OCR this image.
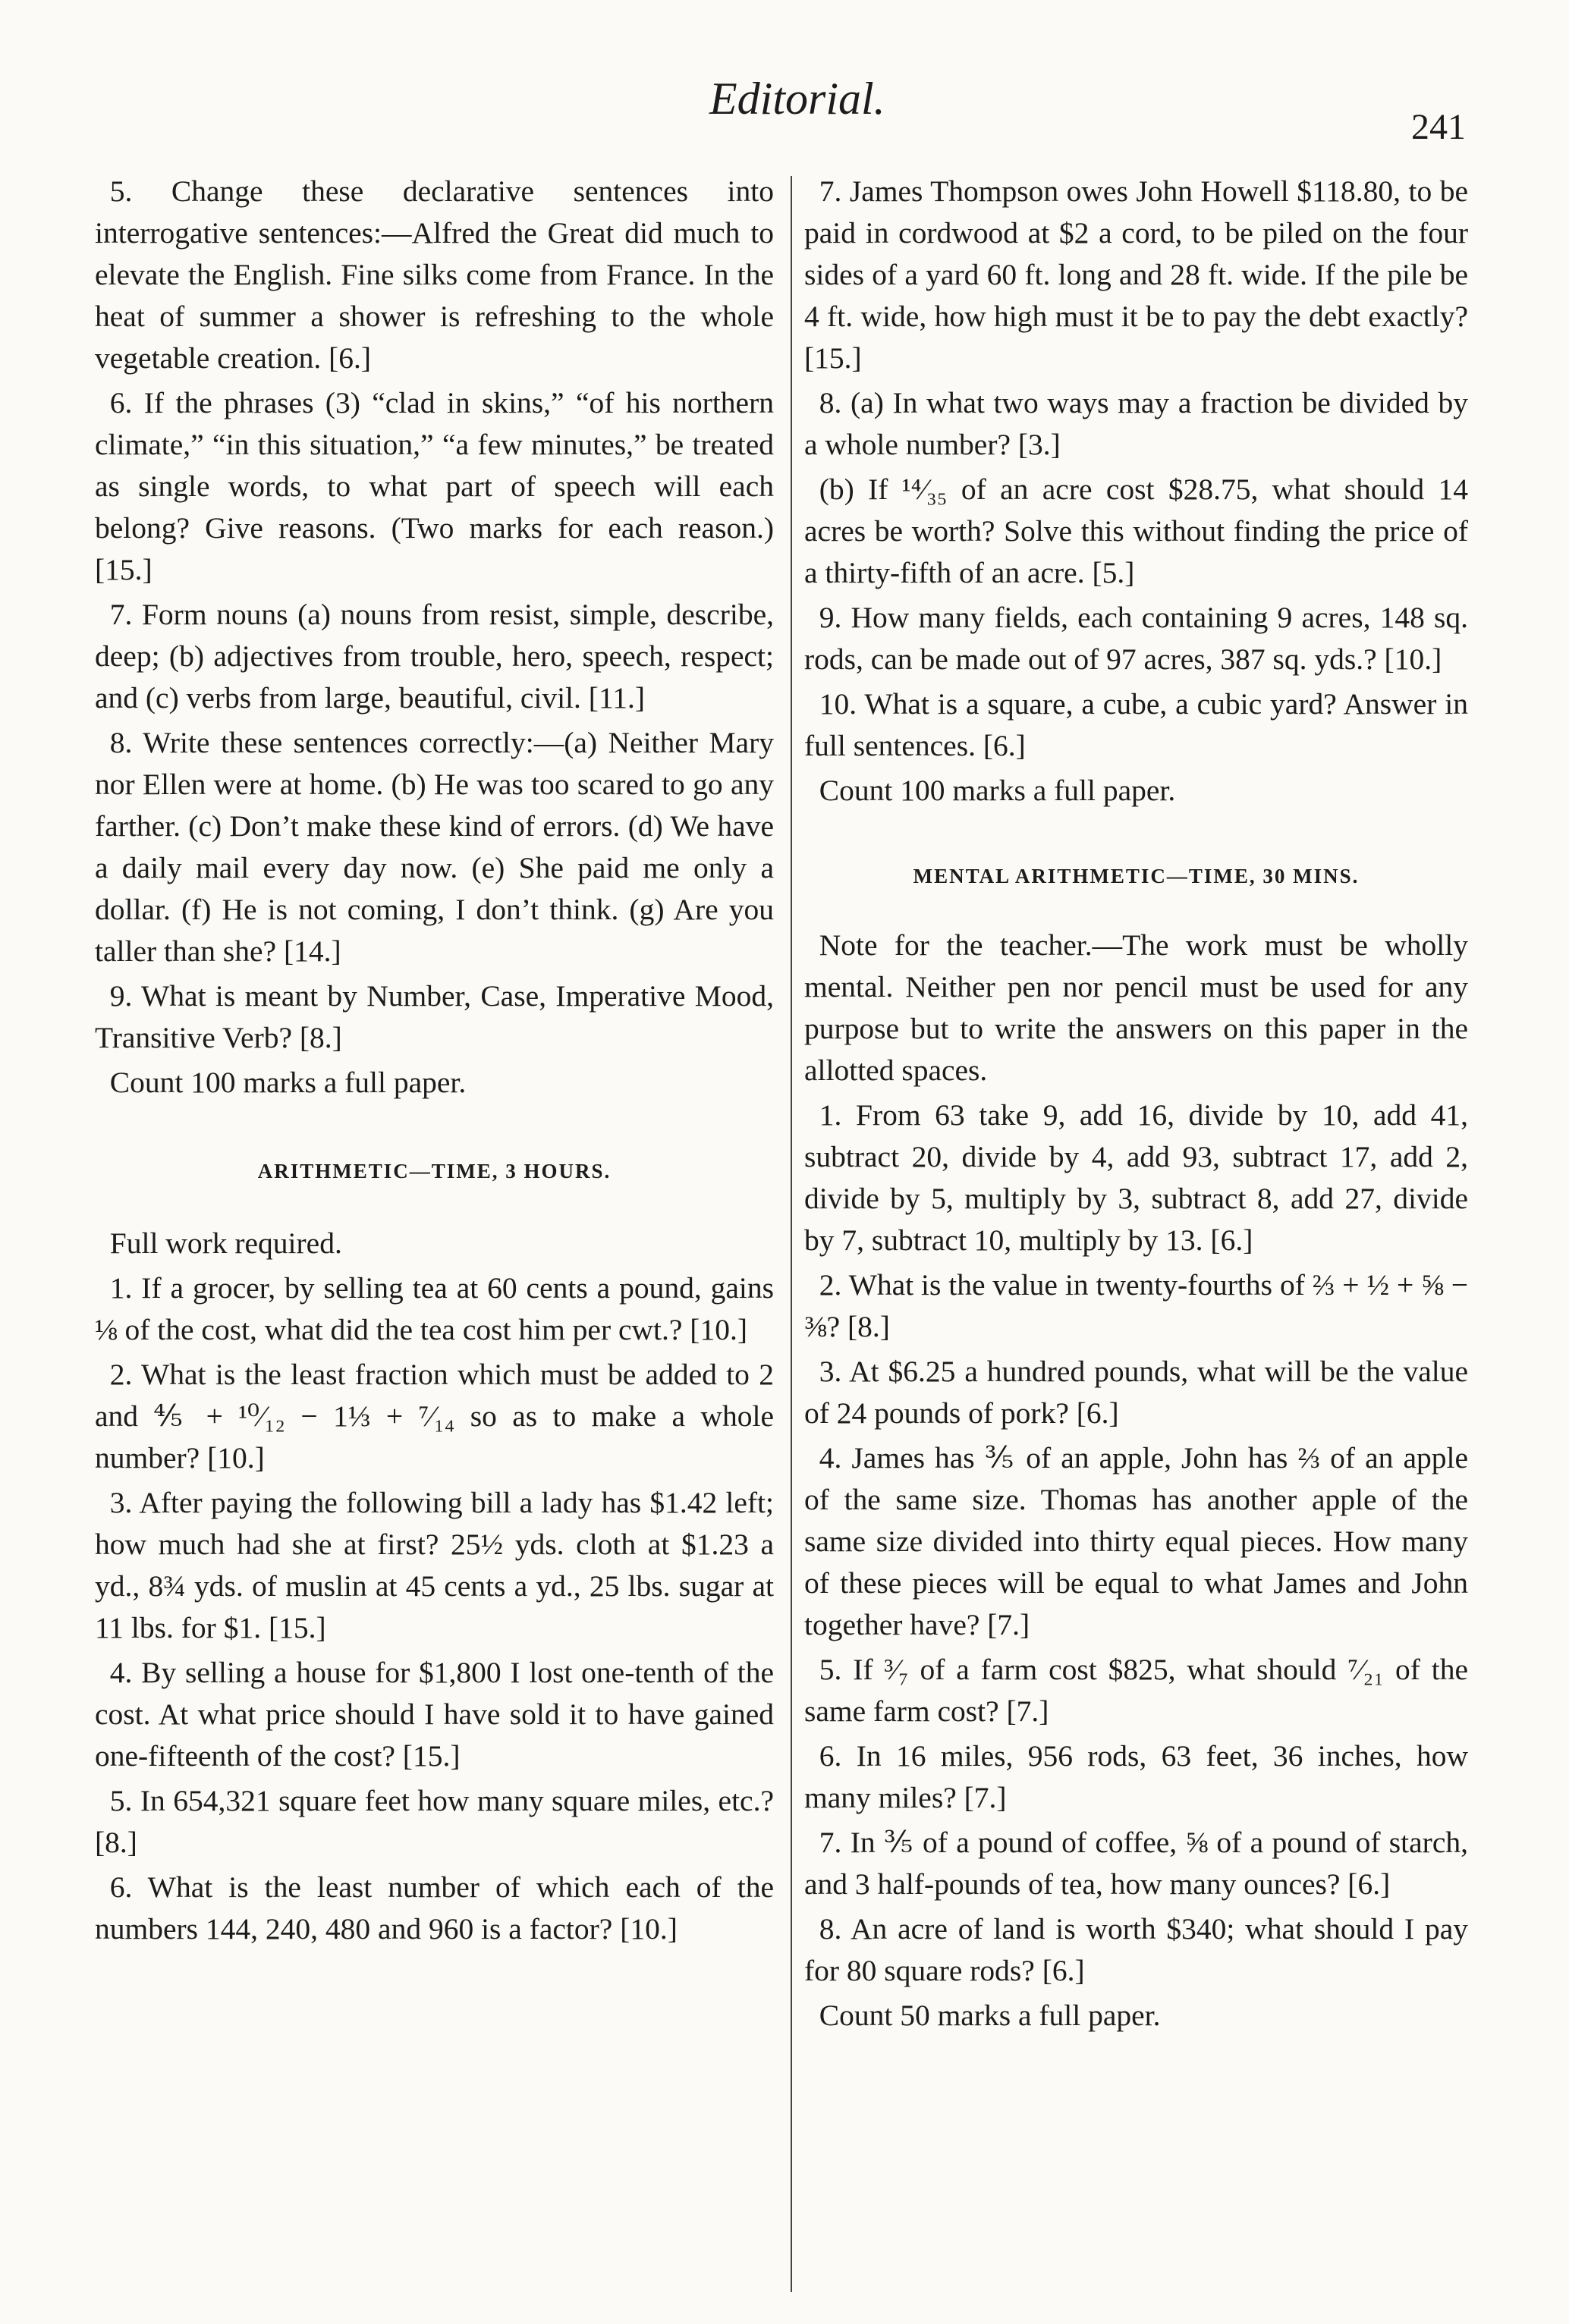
Editorial.
241

5. Change these declarative sentences into interrogative sentences:—Alfred the Great did much to elevate the English. Fine silks come from France. In the heat of summer a shower is refreshing to the whole vegetable creation. [6.]

6. If the phrases (3) “clad in skins,” “of his northern climate,” “in this situation,” “a few minutes,” be treated as single words, to what part of speech will each belong? Give reasons. (Two marks for each reason.) [15.]

7. Form nouns (a) nouns from resist, simple, describe, deep; (b) adjectives from trouble, hero, speech, respect; and (c) verbs from large, beautiful, civil. [11.]

8. Write these sentences correctly:—(a) Neither Mary nor Ellen were at home. (b) He was too scared to go any farther. (c) Don’t make these kind of errors. (d) We have a daily mail every day now. (e) She paid me only a dollar. (f) He is not coming, I don’t think. (g) Are you taller than she? [14.]

9. What is meant by Number, Case, Imperative Mood, Transitive Verb? [8.]

Count 100 marks a full paper.

ARITHMETIC—TIME, 3 HOURS.

Full work required.

1. If a grocer, by selling tea at 60 cents a pound, gains ⅛ of the cost, what did the tea cost him per cwt.? [10.]

2. What is the least fraction which must be added to 2 and ⅘ + ¹⁰⁄₁₂ − 1⅓ + ⁷⁄₁₄ so as to make a whole number? [10.]

3. After paying the following bill a lady has $1.42 left; how much had she at first? 25½ yds. cloth at $1.23 a yd., 8¾ yds. of muslin at 45 cents a yd., 25 lbs. sugar at 11 lbs. for $1. [15.]

4. By selling a house for $1,800 I lost one-tenth of the cost. At what price should I have sold it to have gained one-fifteenth of the cost? [15.]

5. In 654,321 square feet how many square miles, etc.? [8.]

6. What is the least number of which each of the numbers 144, 240, 480 and 960 is a factor? [10.]

7. James Thompson owes John Howell $118.80, to be paid in cordwood at $2 a cord, to be piled on the four sides of a yard 60 ft. long and 28 ft. wide. If the pile be 4 ft. wide, how high must it be to pay the debt exactly? [15.]

8. (a) In what two ways may a fraction be divided by a whole number? [3.]

(b) If ¹⁴⁄₃₅ of an acre cost $28.75, what should 14 acres be worth? Solve this without finding the price of a thirty-fifth of an acre. [5.]

9. How many fields, each containing 9 acres, 148 sq. rods, can be made out of 97 acres, 387 sq. yds.? [10.]

10. What is a square, a cube, a cubic yard? Answer in full sentences. [6.]

Count 100 marks a full paper.

MENTAL ARITHMETIC—TIME, 30 MINS.

Note for the teacher.—The work must be wholly mental. Neither pen nor pencil must be used for any purpose but to write the answers on this paper in the allotted spaces.

1. From 63 take 9, add 16, divide by 10, add 41, subtract 20, divide by 4, add 93, subtract 17, add 2, divide by 5, multiply by 3, subtract 8, add 27, divide by 7, subtract 10, multiply by 13. [6.]

2. What is the value in twenty-fourths of ⅔ + ½ + ⅝ − ⅜? [8.]

3. At $6.25 a hundred pounds, what will be the value of 24 pounds of pork? [6.]

4. James has ⅗ of an apple, John has ⅔ of an apple of the same size. Thomas has another apple of the same size divided into thirty equal pieces. How many of these pieces will be equal to what James and John together have? [7.]

5. If ³⁄₇ of a farm cost $825, what should ⁷⁄₂₁ of the same farm cost? [7.]

6. In 16 miles, 956 rods, 63 feet, 36 inches, how many miles? [7.]

7. In ⅗ of a pound of coffee, ⅝ of a pound of starch, and 3 half-pounds of tea, how many ounces? [6.]

8. An acre of land is worth $340; what should I pay for 80 square rods? [6.]

Count 50 marks a full paper.
